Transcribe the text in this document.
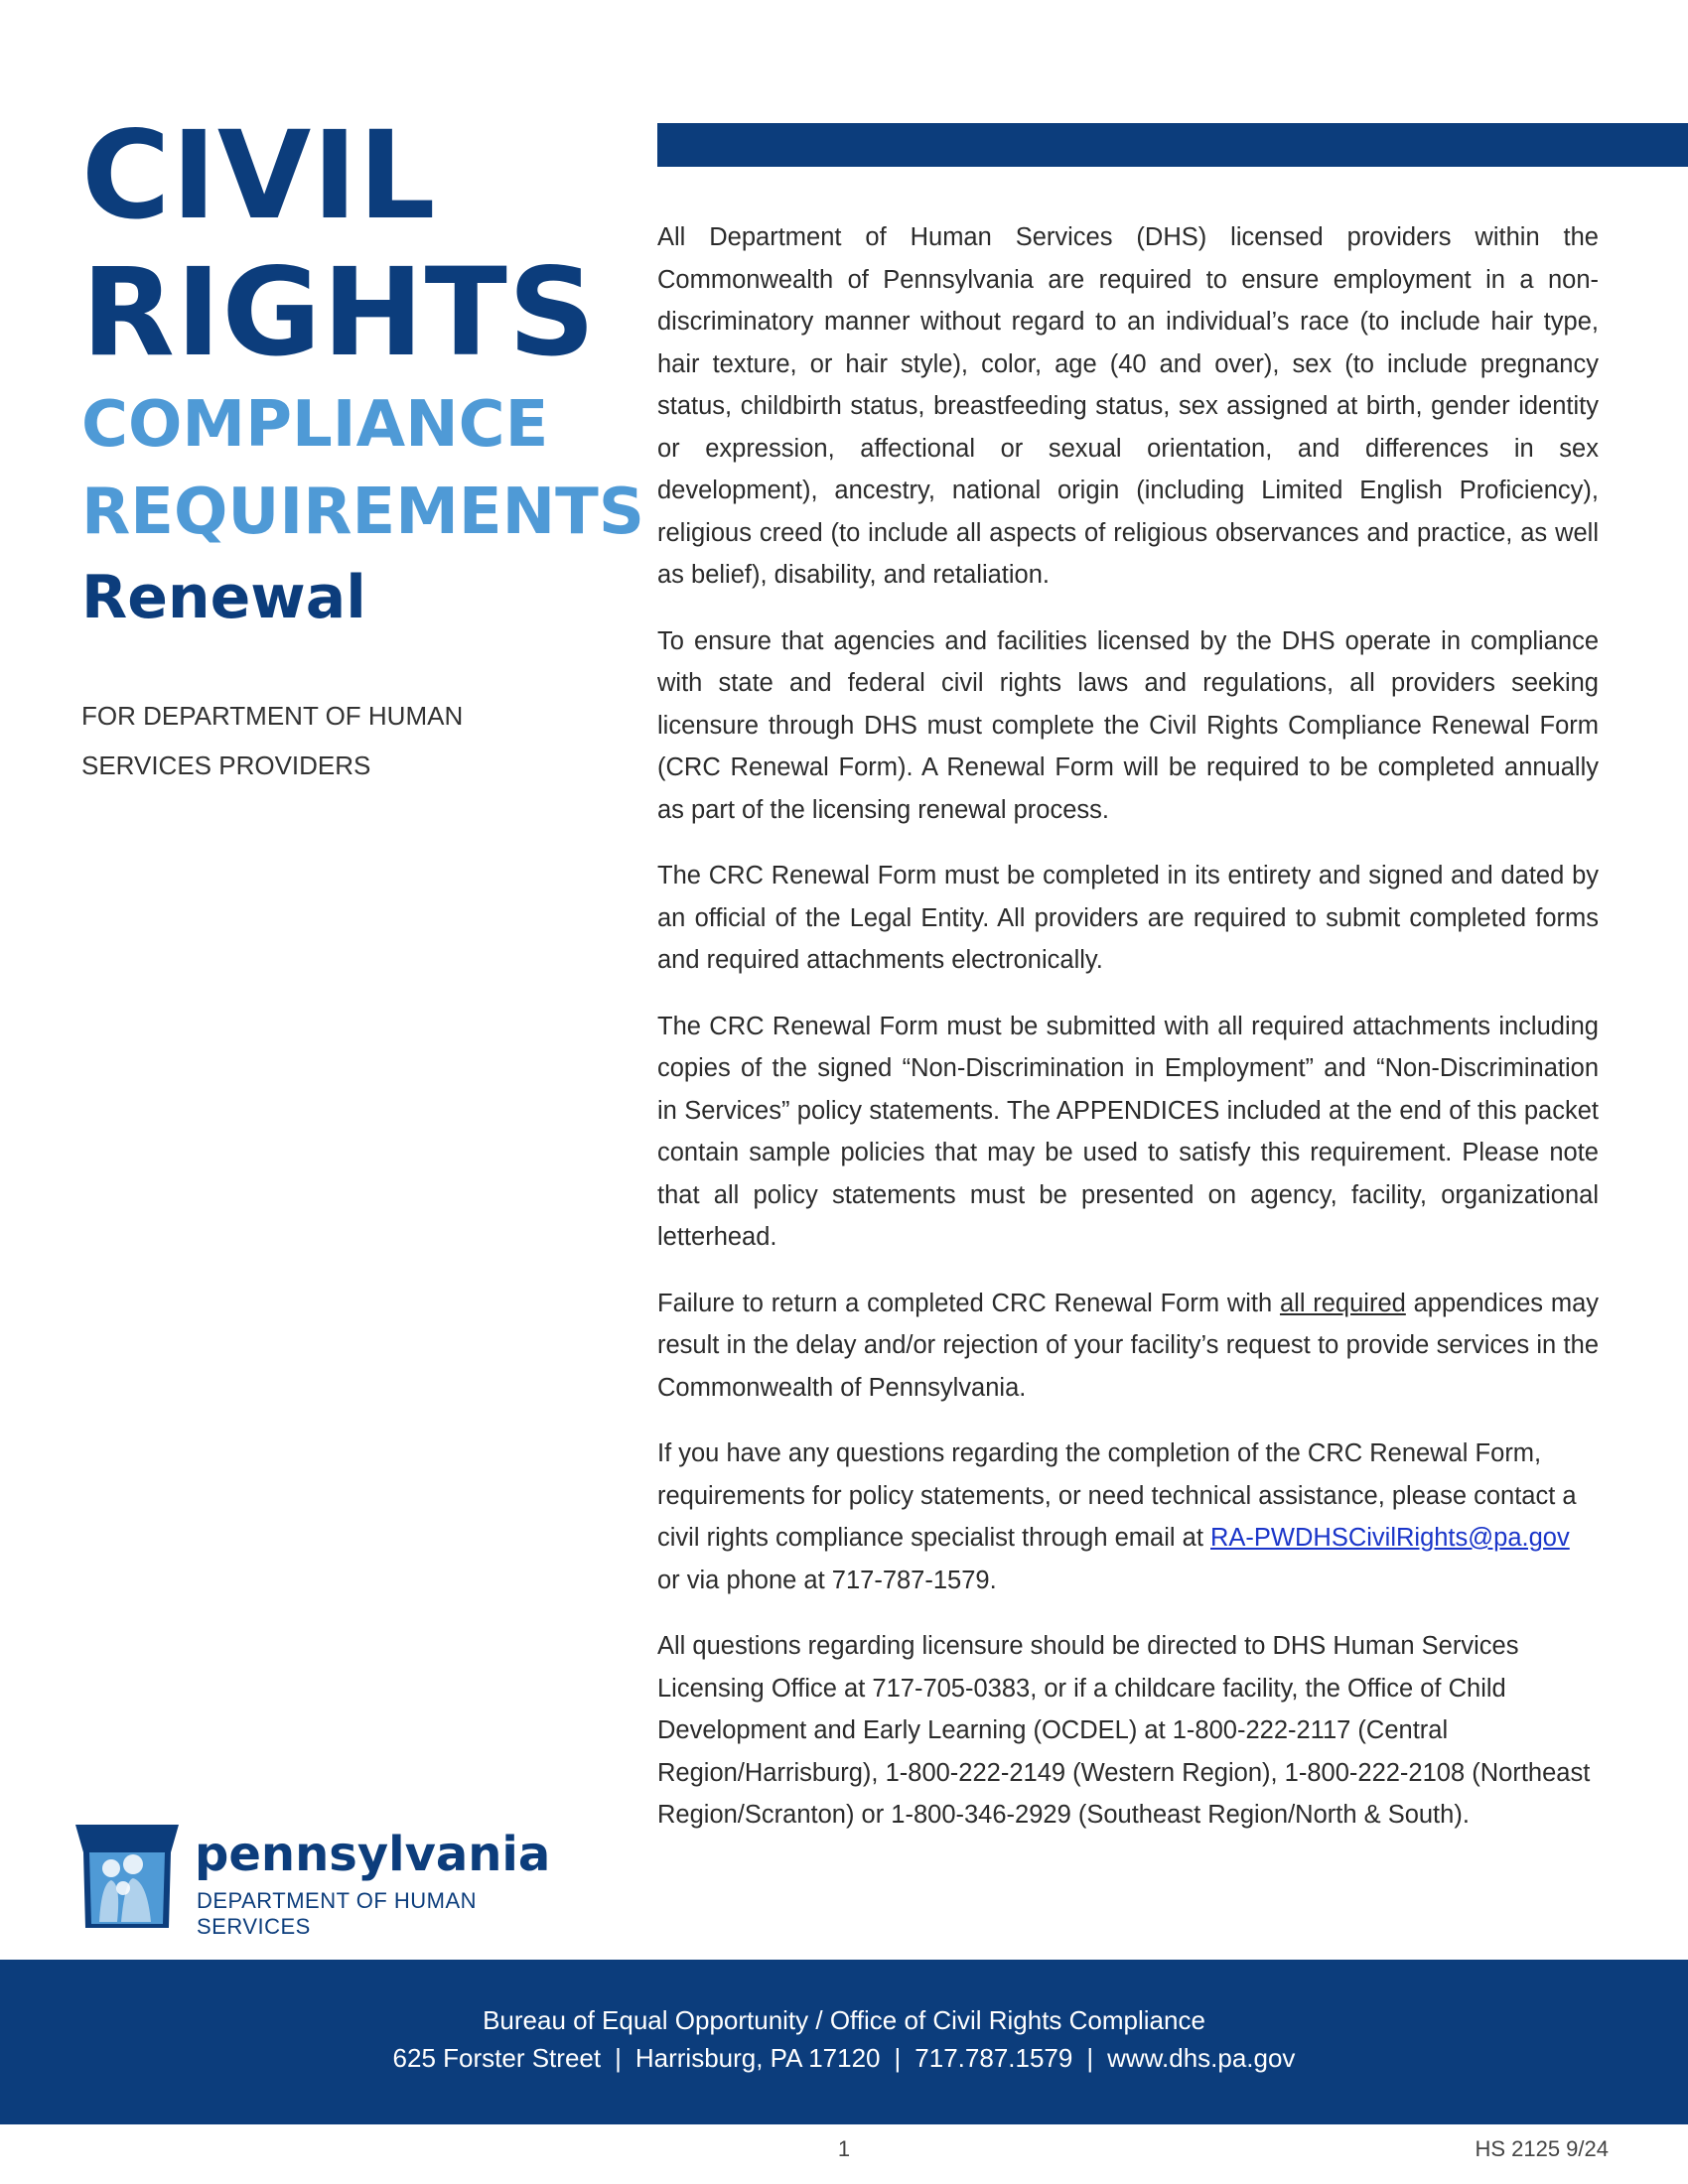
CIVIL
RIGHTS
COMPLIANCE
REQUIREMENTS
Renewal
FOR DEPARTMENT OF HUMAN
SERVICES PROVIDERS

All Department of Human Services (DHS) licensed providers within the Commonwealth of Pennsylvania are required to ensure employment in a non-discriminatory manner without regard to an individual’s race (to include hair type, hair texture, or hair style), color, age (40 and over), sex (to include pregnancy status, childbirth status, breastfeeding status, sex assigned at birth, gender identity or expression, affectional or sexual orientation, and differences in sex development), ancestry, national origin (including Limited English Proficiency), religious creed (to include all aspects of religious observances and practice, as well as belief), disability, and retaliation.

To ensure that agencies and facilities licensed by the DHS operate in compliance with state and federal civil rights laws and regulations, all providers seeking licensure through DHS must complete the Civil Rights Compliance Renewal Form (CRC Renewal Form). A Renewal Form will be required to be completed annually as part of the licensing renewal process.

The CRC Renewal Form must be completed in its entirety and signed and dated by an official of the Legal Entity. All providers are required to submit completed forms and required attachments electronically.

The CRC Renewal Form must be submitted with all required attachments including copies of the signed “Non-Discrimination in Employment” and “Non-Discrimination in Services” policy statements. The APPENDICES included at the end of this packet contain sample policies that may be used to satisfy this requirement. Please note that all policy statements must be presented on agency, facility, organizational letterhead.

Failure to return a completed CRC Renewal Form with all required appendices may result in the delay and/or rejection of your facility’s request to provide services in the Commonwealth of Pennsylvania.

If you have any questions regarding the completion of the CRC Renewal Form, requirements for policy statements, or need technical assistance, please contact a civil rights compliance specialist through email at RA-PWDHSCivilRights@pa.gov or via phone at 717-787-1579.

All questions regarding licensure should be directed to DHS Human Services Licensing Office at 717-705-0383, or if a childcare facility, the Office of Child Development and Early Learning (OCDEL) at 1-800-222-2117 (Central Region/Harrisburg), 1-800-222-2149 (Western Region), 1-800-222-2108 (Northeast Region/Scranton) or 1-800-346-2929 (Southeast Region/North & South).

pennsylvania
DEPARTMENT OF HUMAN SERVICES
Bureau of Equal Opportunity / Office of Civil Rights Compliance
625 Forster Street | Harrisburg, PA 17120 | 717.787.1579 | www.dhs.pa.gov
1	HS 2125 9/24
